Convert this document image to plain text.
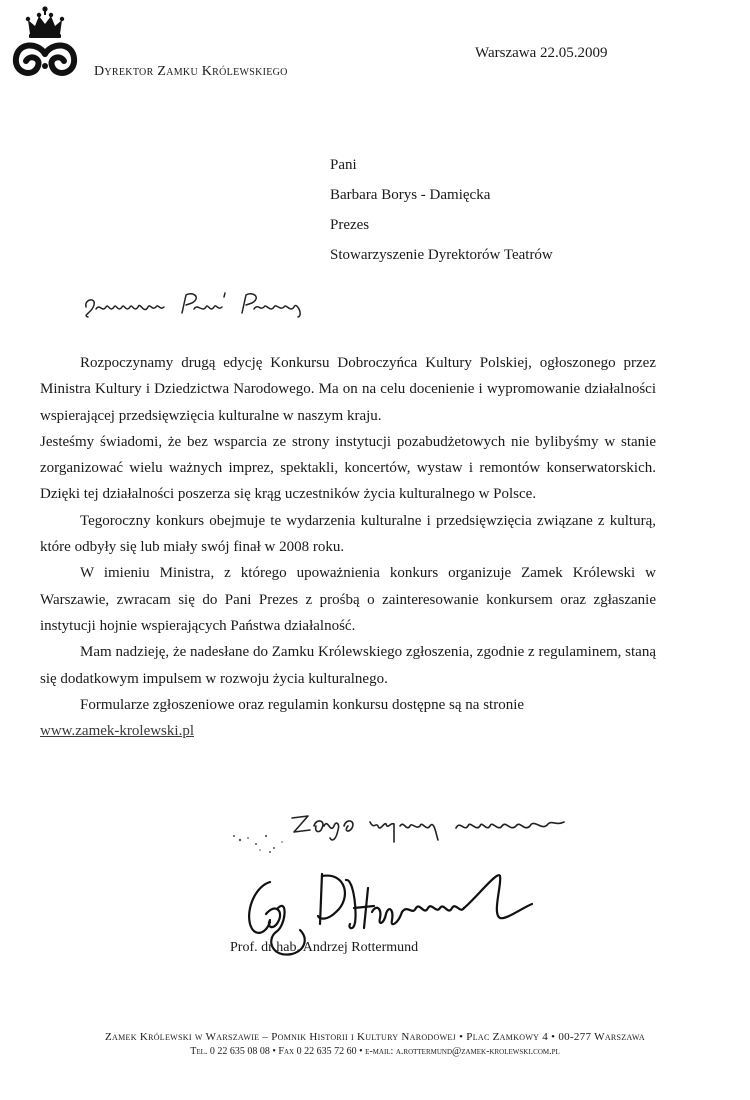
Dyrektor Zamku Królewskiego
Warszawa 22.05.2009
Pani
Barbara Borys - Damięcka
Prezes
Stowarzyszenie Dyrektorów Teatrów

Rozpoczynamy drugą edycję Konkursu Dobroczyńca Kultury Polskiej, ogłoszonego przez Ministra Kultury i Dziedzictwa Narodowego. Ma on na celu docenienie i wypromowanie działalności wspierającej przedsięwzięcia kulturalne w naszym kraju.

Jesteśmy świadomi, że bez wsparcia ze strony instytucji pozabudżetowych nie bylibyśmy w stanie zorganizować wielu ważnych imprez, spektakli, koncertów, wystaw i remontów konserwatorskich. Dzięki tej działalności poszerza się krąg uczestników życia kulturalnego w Polsce.

Tegoroczny konkurs obejmuje te wydarzenia kulturalne i przedsięwzięcia związane z kulturą, które odbyły się lub miały swój finał w 2008 roku.

W imieniu Ministra, z którego upoważnienia konkurs organizuje Zamek Królewski w Warszawie, zwracam się do Pani Prezes z prośbą o zainteresowanie konkursem oraz zgłaszanie instytucji hojnie wspierających Państwa działalność.

Mam nadzieję, że nadesłane do Zamku Królewskiego zgłoszenia, zgodnie z regulaminem, staną się dodatkowym impulsem w rozwoju życia kulturalnego.

Formularze zgłoszeniowe oraz regulamin konkursu dostępne są na stronie

www.zamek-krolewski.pl

Prof. dr hab. Andrzej Rottermund
Zamek Królewski w Warszawie – Pomnik Historii i Kultury Narodowej • Plac Zamkowy 4 • 00-277 Warszawa
Tel. 0 22 635 08 08 • Fax 0 22 635 72 60 • e-mail: a.rottermund@zamek-krolewski.com.pl
